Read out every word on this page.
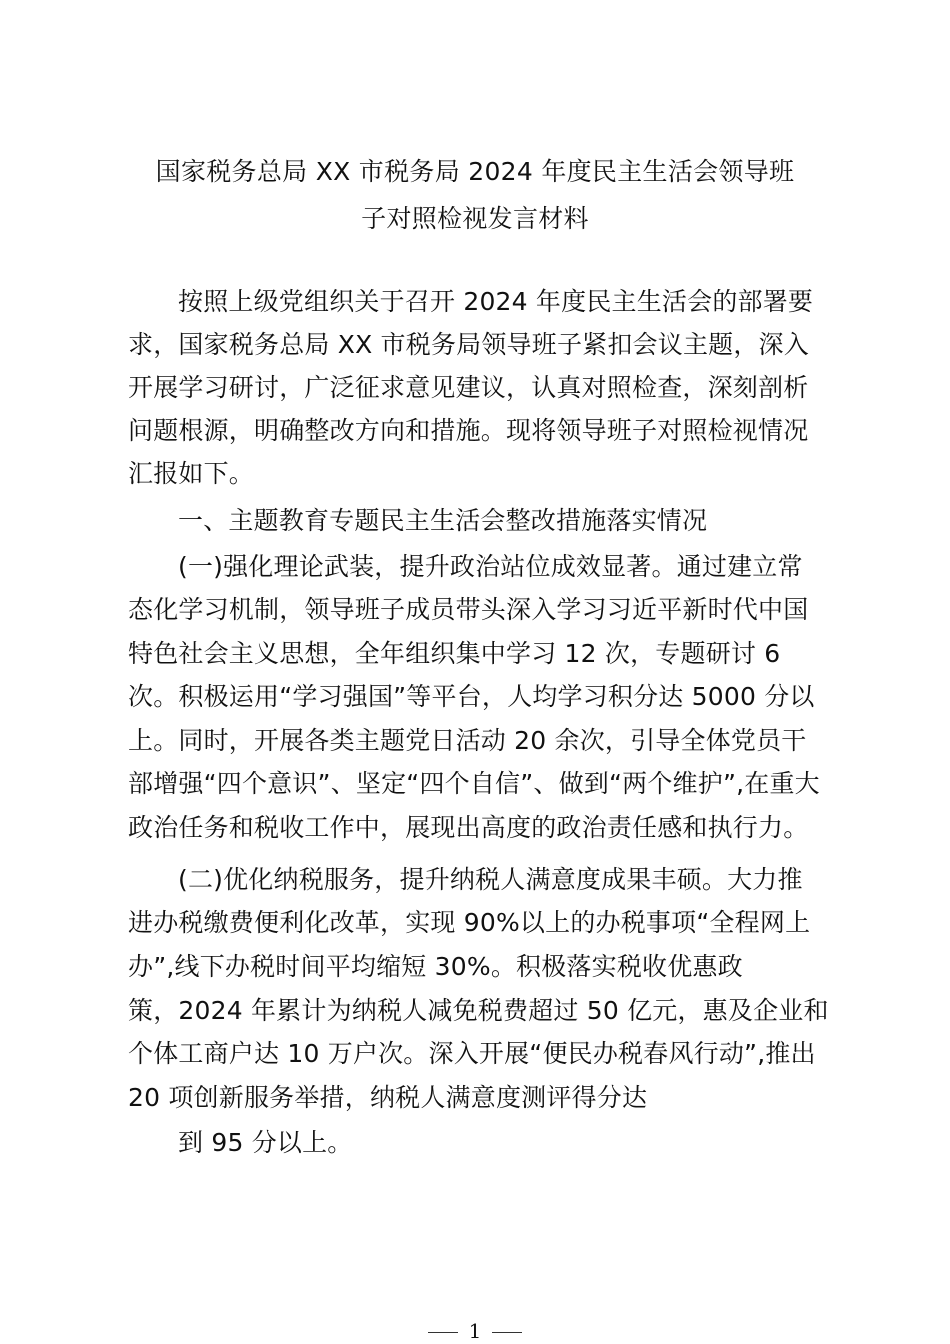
国家税务总局 XX 市税务局 2024 年度民主生活会领导班
子对照检视发言材料

按照上级党组织关于召开 2024 年度民主生活会的部署要

求，国家税务总局 XX 市税务局领导班子紧扣会议主题，深入

开展学习研讨，广泛征求意见建议，认真对照检查，深刻剖析

问题根源，明确整改方向和措施。现将领导班子对照检视情况

汇报如下。

一、主题教育专题民主生活会整改措施落实情况

(一)强化理论武装，提升政治站位成效显著。通过建立常

态化学习机制，领导班子成员带头深入学习习近平新时代中国

特色社会主义思想，全年组织集中学习 12 次，专题研讨 6

次。积极运用“学习强国”等平台，人均学习积分达 5000 分以

上。同时，开展各类主题党日活动 20 余次，引导全体党员干

部增强“四个意识”、坚定“四个自信”、做到“两个维护”,在重大

政治任务和税收工作中，展现出高度的政治责任感和执行力。

(二)优化纳税服务，提升纳税人满意度成果丰硕。大力推

进办税缴费便利化改革，实现 90%以上的办税事项“全程网上

办”,线下办税时间平均缩短 30%。积极落实税收优惠政

策，2024 年累计为纳税人减免税费超过 50 亿元，惠及企业和

个体工商户达 10 万户次。深入开展“便民办税春风行动”,推出

20 项创新服务举措，纳税人满意度测评得分达

到 95 分以上。

1
